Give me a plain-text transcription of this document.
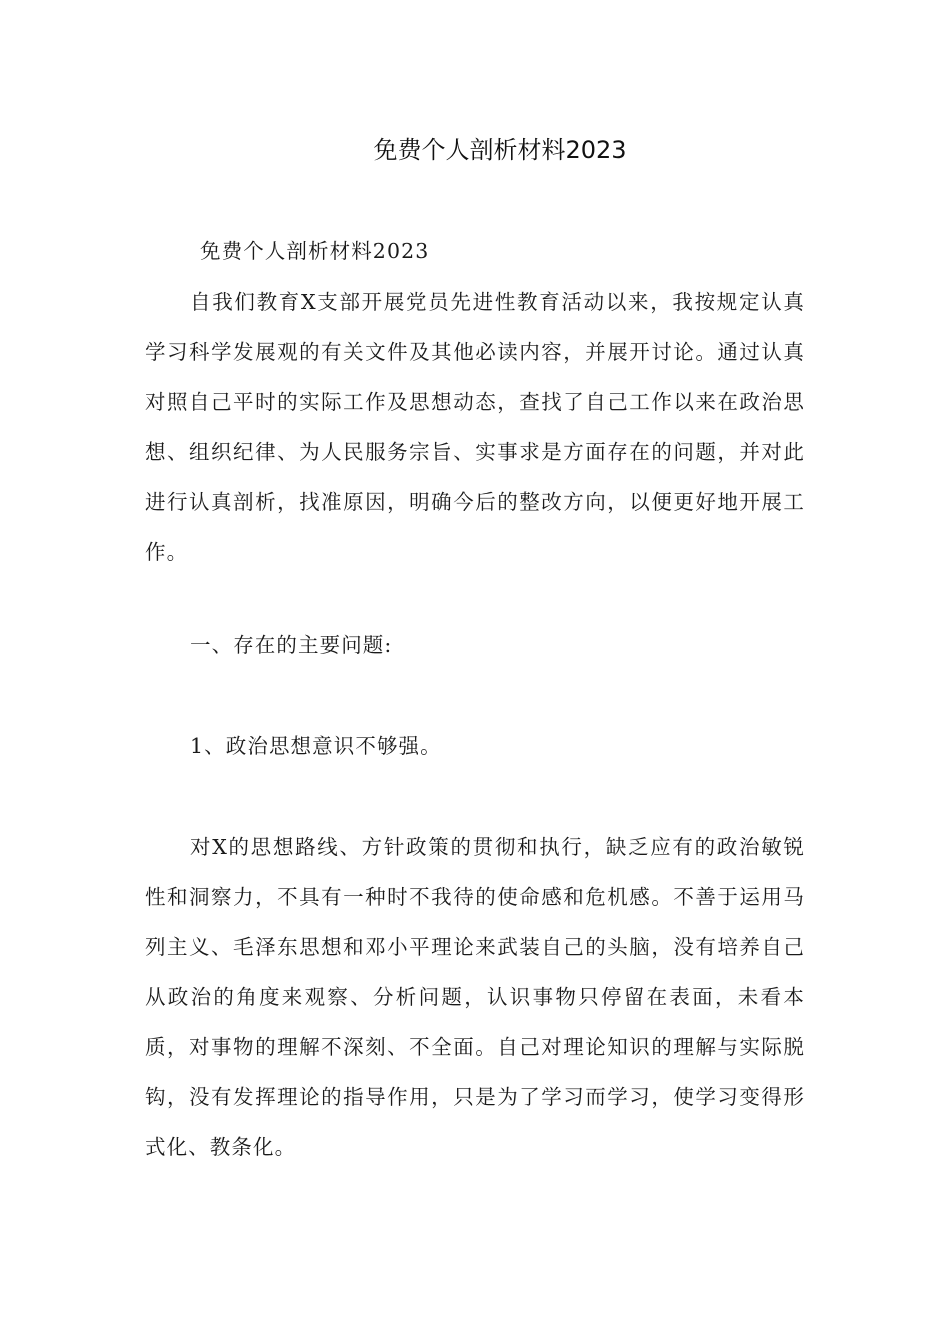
免费个人剖析材料2023
免费个人剖析材料2023
自我们教育X支部开展党员先进性教育活动以来，我按规定认真学习科学发展观的有关文件及其他必读内容，并展开讨论。通过认真对照自己平时的实际工作及思想动态，查找了自己工作以来在政治思想、组织纪律、为人民服务宗旨、实事求是方面存在的问题，并对此进行认真剖析，找准原因，明确今后的整改方向，以便更好地开展工作。
一、存在的主要问题:
1、政治思想意识不够强。
对X的思想路线、方针政策的贯彻和执行，缺乏应有的政治敏锐性和洞察力，不具有一种时不我待的使命感和危机感。不善于运用马列主义、毛泽东思想和邓小平理论来武装自己的头脑，没有培养自己从政治的角度来观察、分析问题，认识事物只停留在表面，未看本质，对事物的理解不深刻、不全面。自己对理论知识的理解与实际脱钩，没有发挥理论的指导作用，只是为了学习而学习，使学习变得形式化、教条化。
